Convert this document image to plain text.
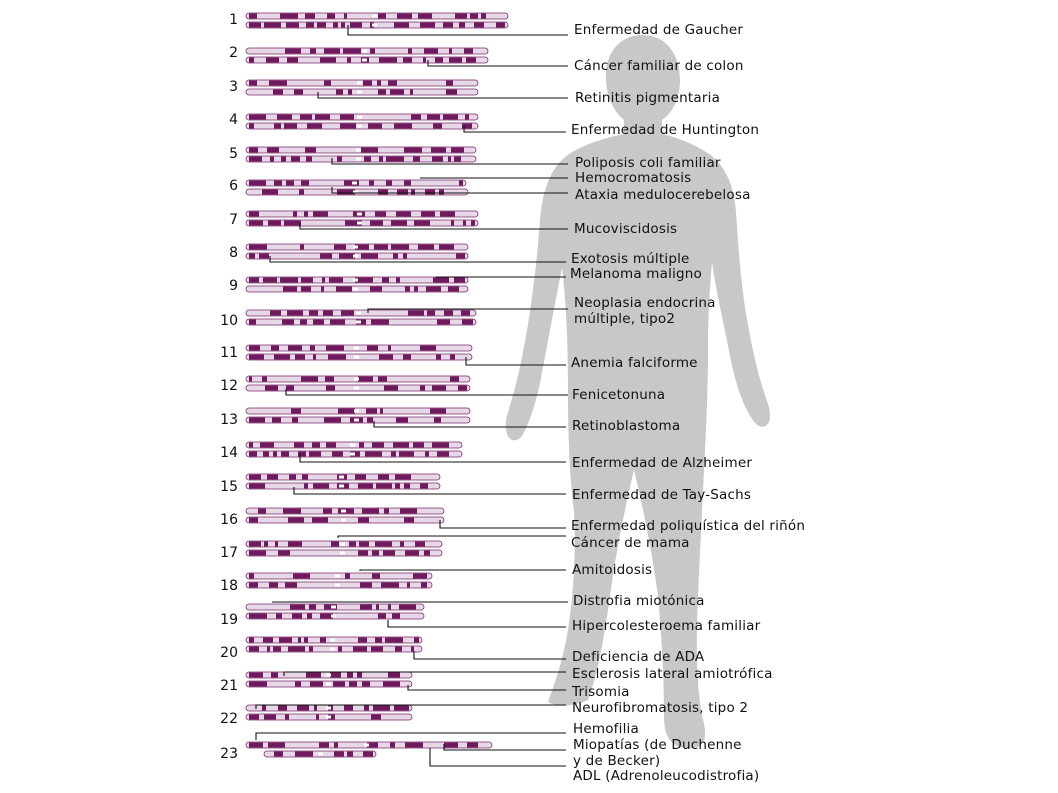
1
2
3
4
5
6
7
8
9
10
11
12
13
14
15
16
17
18
19
20
21
22
23
Enfermedad de Gaucher
Cáncer familiar de colon
Retinitis pigmentaria
Enfermedad de Huntington
Poliposis coli familiar
Hemocromatosis
Ataxia medulocerebelosa
Mucoviscidosis
Exotosis múltiple
Melanoma maligno
Neoplasia endocrina
múltiple, tipo2
Anemia falciforme
Fenicetonuna
Retinoblastoma
Enfermedad de Alzheimer
Enfermedad de Tay-Sachs
Enfermedad poliquística del riñón
Cáncer de mama
Amitoidosis
Distrofia miotónica
Hipercolesteroema familiar
Deficiencia de ADA
Esclerosis lateral amiotrófica
Trisomia
Neurofibromatosis, tipo 2
Hemofilia
Miopatías (de Duchenne
y de Becker)
ADL (Adrenoleucodistrofia)
